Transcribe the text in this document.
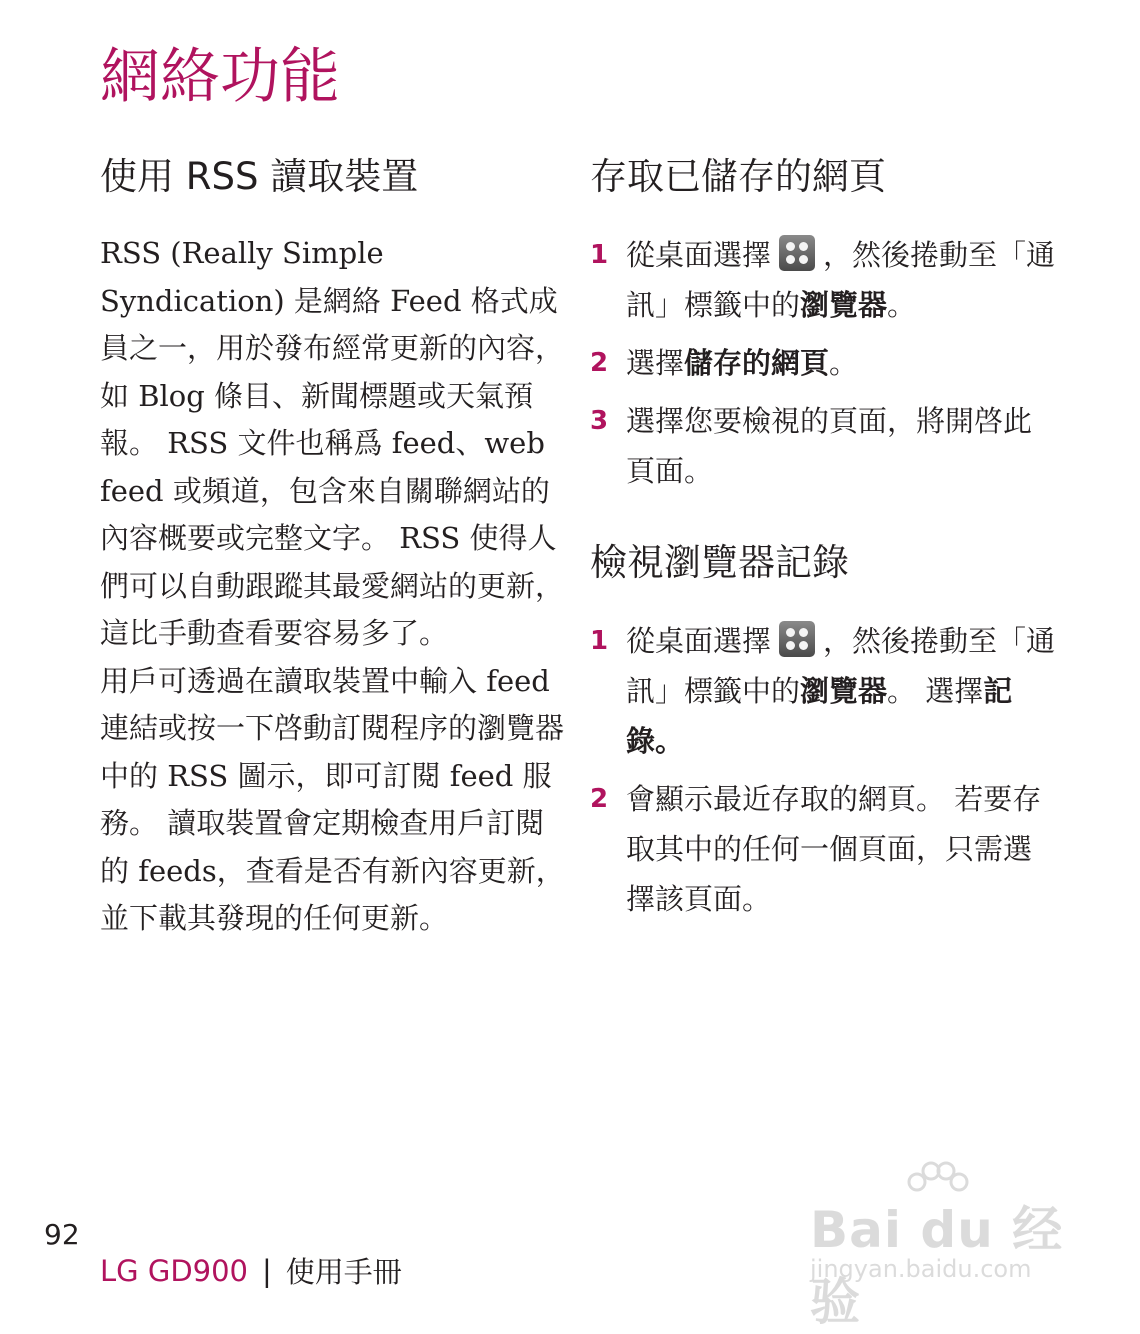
網絡功能
使用 RSS 讀取裝置

RSS (Really Simple Syndication) 是網絡 Feed 格式成員之一，用於發布經常更新的內容，如 Blog 條目、新聞標題或天氣預報。 RSS 文件也稱爲 feed、web feed 或頻道，包含來自關聯網站的內容概要或完整文字。 RSS 使得人們可以自動跟蹤其最愛網站的更新，這比手動查看要容易多了。

用戶可透過在讀取裝置中輸入 feed 連結或按一下啓動訂閱程序的瀏覽器中的 RSS 圖示，即可訂閱 feed 服務。 讀取裝置會定期檢查用戶訂閱的 feeds，查看是否有新內容更新，並下載其發現的任何更新。

存取已儲存的網頁
1 從桌面選擇 ，然後捲動至「通訊」標籤中的瀏覽器。
2 選擇儲存的網頁。
3 選擇您要檢視的頁面，將開啓此頁面。
檢視瀏覽器記錄
1 從桌面選擇 ，然後捲動至「通訊」標籤中的瀏覽器。 選擇記錄。
2 會顯示最近存取的網頁。 若要存取其中的任何一個頁面，只需選擇該頁面。
92
LG GD900 | 使用手冊
Bai du 经验
jingyan.baidu.com
